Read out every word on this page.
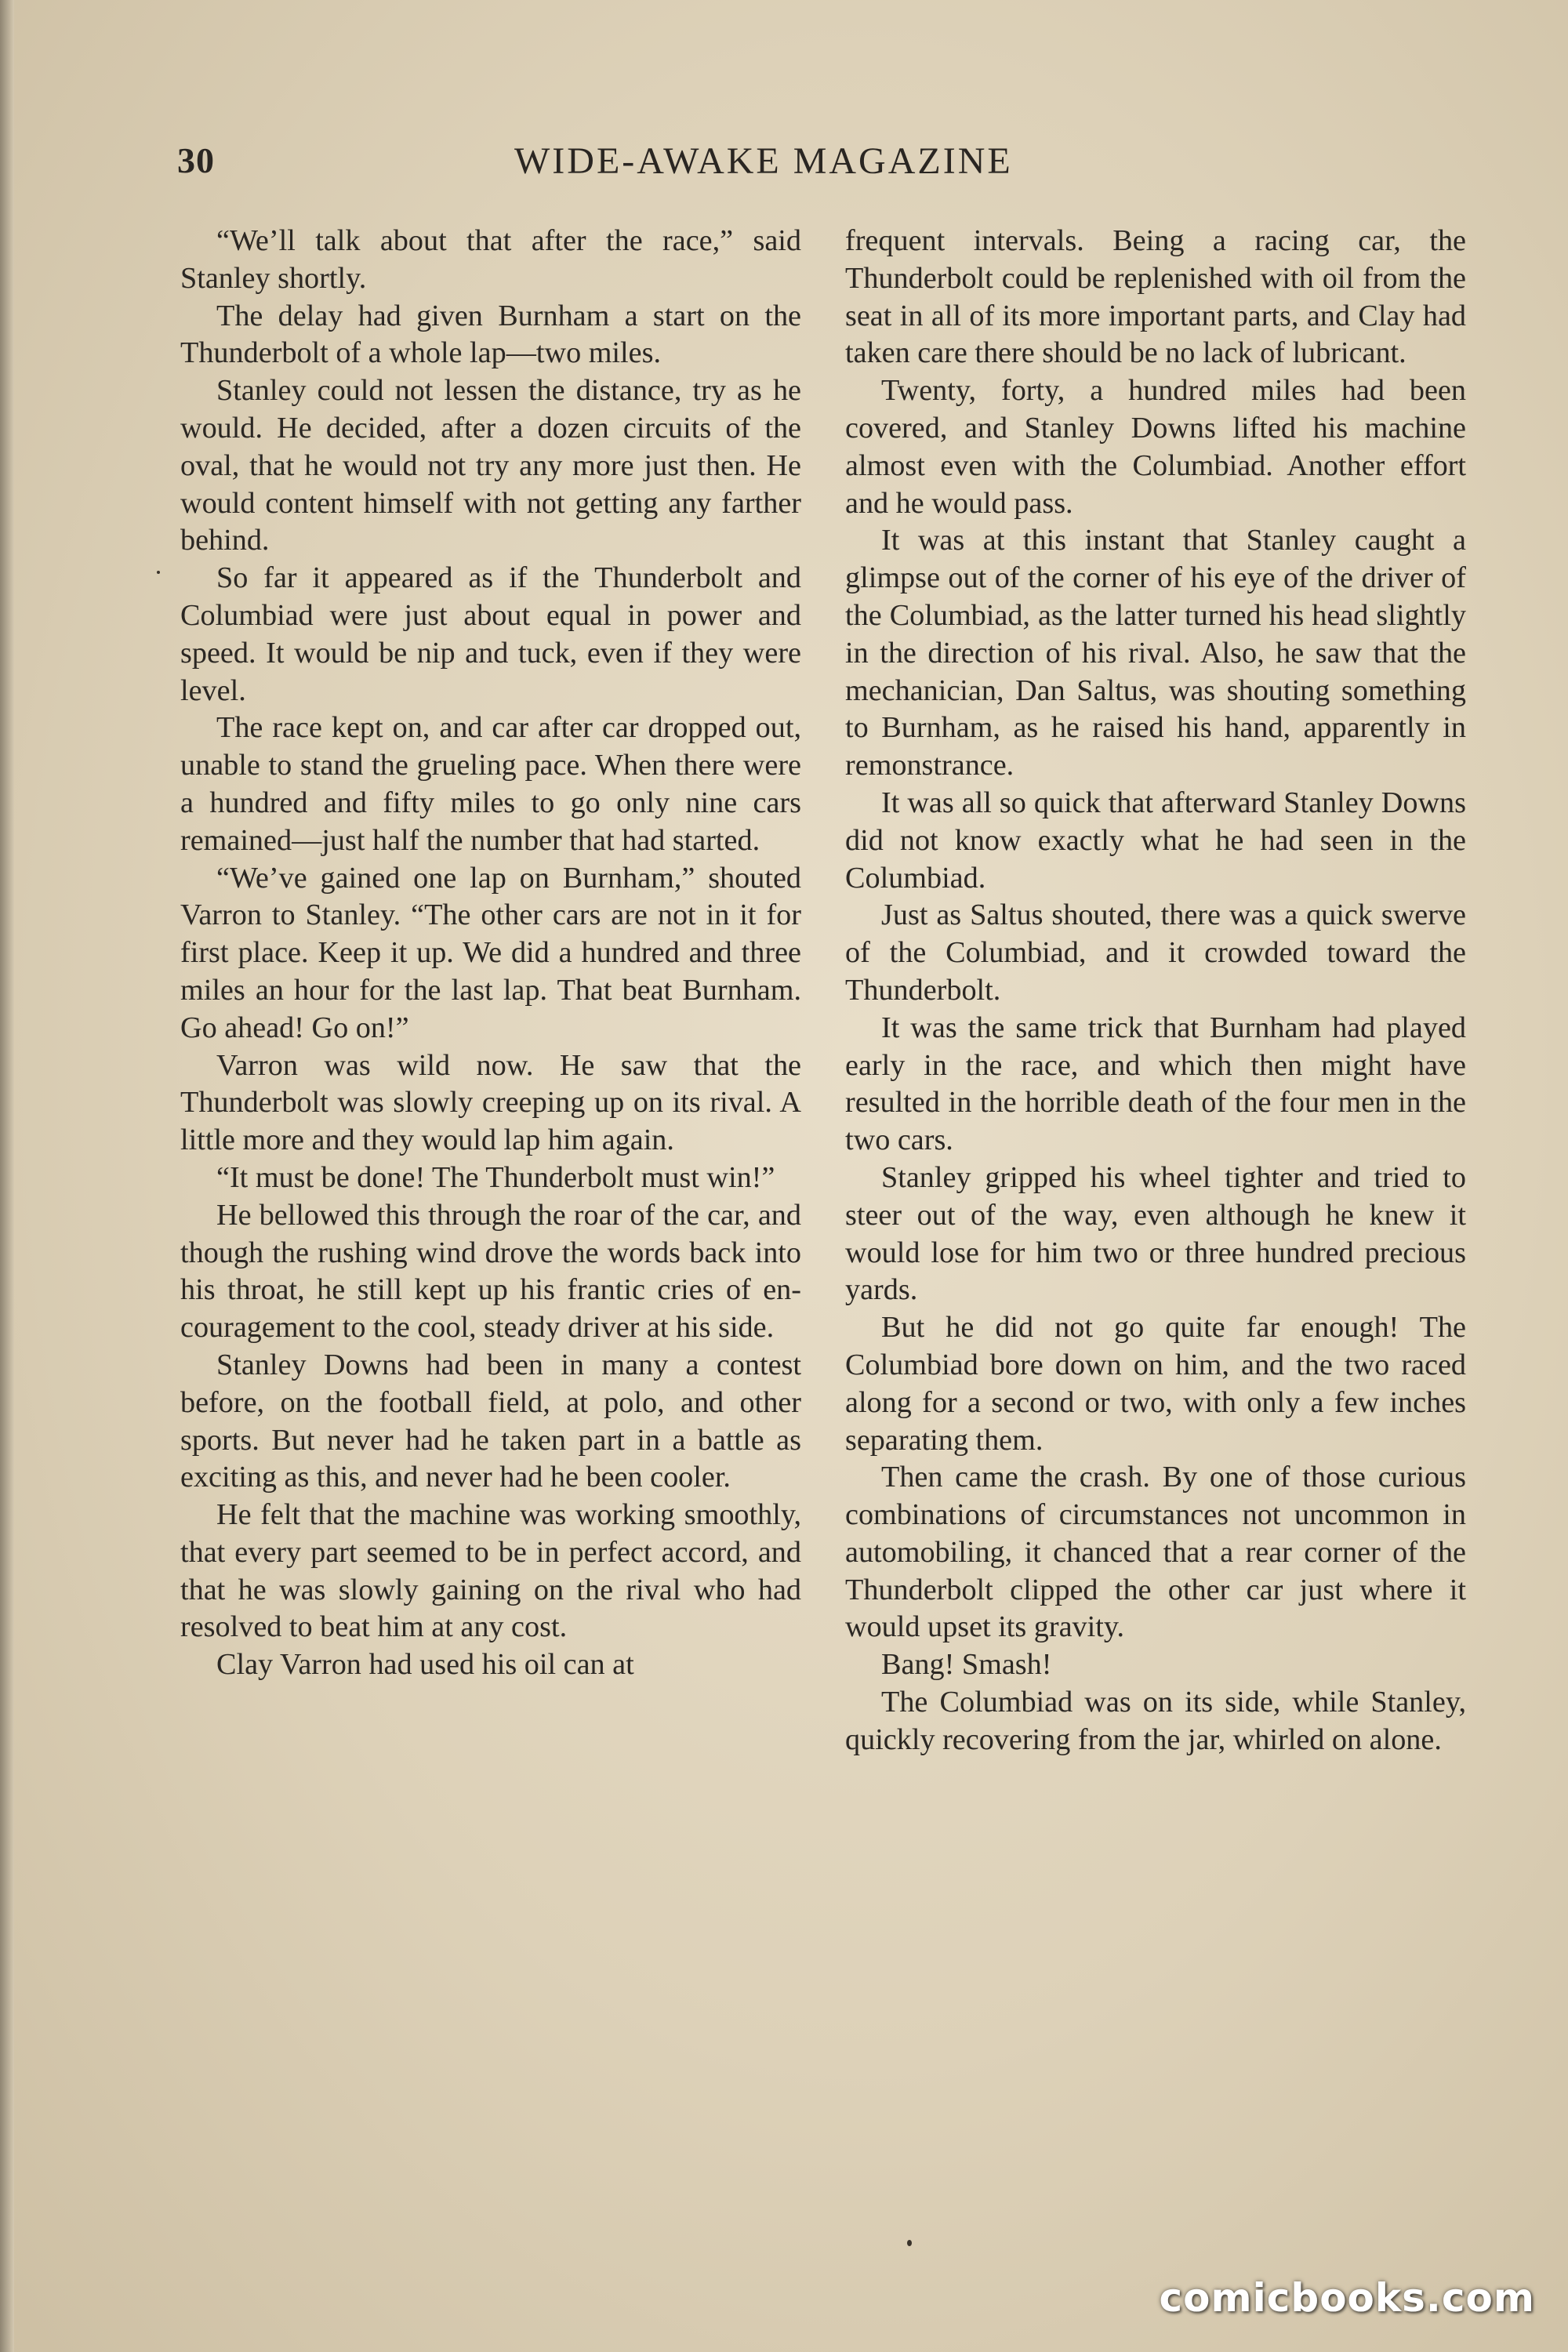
30	WIDE-AWAKE MAGAZINE

“We’ll talk about that after the race,” said Stanley shortly.

The delay had given Burnham a start on the Thunderbolt of a whole lap—two miles.

Stanley could not lessen the distance, try as he would. He decided, after a dozen circuits of the oval, that he would not try any more just then. He would content himself with not getting any farther behind.

So far it appeared as if the Thunderbolt and Columbiad were just about equal in power and speed. It would be nip and tuck, even if they were level.

The race kept on, and car after car dropped out, unable to stand the grueling pace. When there were a hundred and fifty miles to go only nine cars remained—just half the number that had started.

“We’ve gained one lap on Burnham,” shouted Varron to Stanley. “The other cars are not in it for first place. Keep it up. We did a hundred and three miles an hour for the last lap. That beat Burnham. Go ahead! Go on!”

Varron was wild now. He saw that the Thunderbolt was slowly creeping up on its rival. A little more and they would lap him again.

“It must be done! The Thunderbolt must win!”

He bellowed this through the roar of the car, and though the rushing wind drove the words back into his throat, he still kept up his frantic cries of encouragement to the cool, steady driver at his side.

Stanley Downs had been in many a contest before, on the football field, at polo, and other sports. But never had he taken part in a battle as exciting as this, and never had he been cooler.

He felt that the machine was working smoothly, that every part seemed to be in perfect accord, and that he was slowly gaining on the rival who had resolved to beat him at any cost.

Clay Varron had used his oil can at

frequent intervals. Being a racing car, the Thunderbolt could be replenished with oil from the seat in all of its more important parts, and Clay had taken care there should be no lack of lubricant.

Twenty, forty, a hundred miles had been covered, and Stanley Downs lifted his machine almost even with the Columbiad. Another effort and he would pass.

It was at this instant that Stanley caught a glimpse out of the corner of his eye of the driver of the Columbiad, as the latter turned his head slightly in the direction of his rival. Also, he saw that the mechanician, Dan Saltus, was shouting something to Burnham, as he raised his hand, apparently in remonstrance.

It was all so quick that afterward Stanley Downs did not know exactly what he had seen in the Columbiad.

Just as Saltus shouted, there was a quick swerve of the Columbiad, and it crowded toward the Thunderbolt.

It was the same trick that Burnham had played early in the race, and which then might have resulted in the horrible death of the four men in the two cars.

Stanley gripped his wheel tighter and tried to steer out of the way, even although he knew it would lose for him two or three hundred precious yards.

But he did not go quite far enough! The Columbiad bore down on him, and the two raced along for a second or two, with only a few inches separating them.

Then came the crash. By one of those curious combinations of circumstances not uncommon in automobiling, it chanced that a rear corner of the Thunderbolt clipped the other car just where it would upset its gravity.

Bang! Smash!

The Columbiad was on its side, while Stanley, quickly recovering from the jar, whirled on alone.

comicbooks.com
